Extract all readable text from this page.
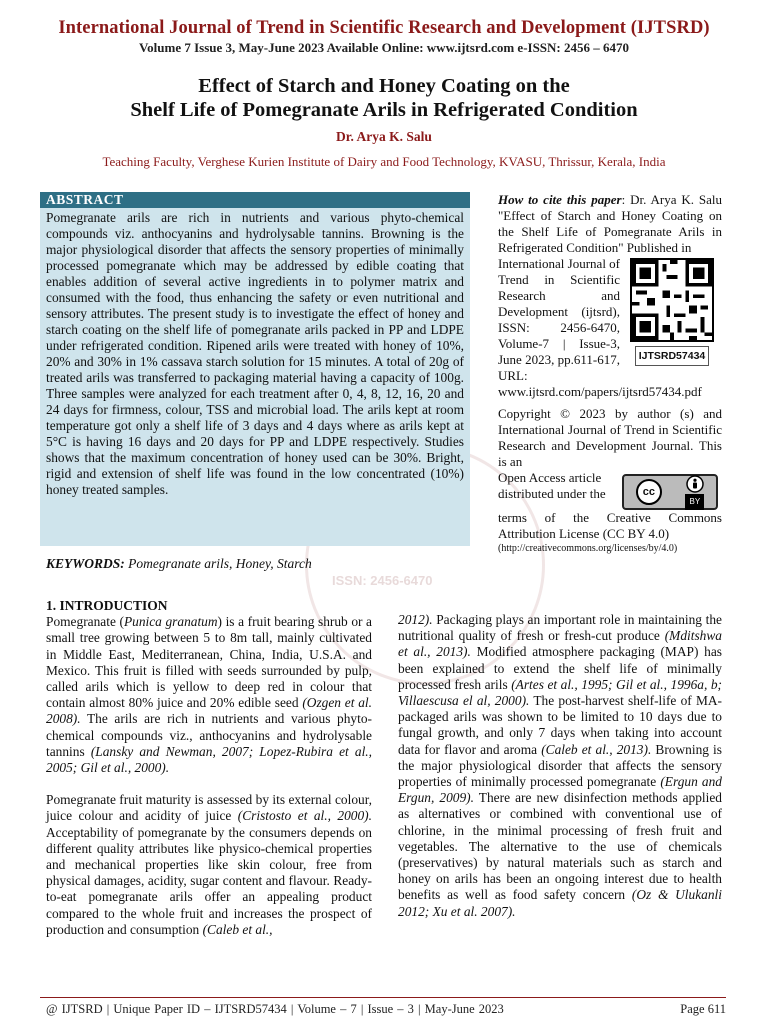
International Journal of Trend in Scientific Research and Development (IJTSRD)
Volume 7 Issue 3, May-June 2023 Available Online: www.ijtsrd.com e-ISSN: 2456 – 6470
Effect of Starch and Honey Coating on the
Shelf Life of Pomegranate Arils in Refrigerated Condition
Dr. Arya K. Salu
Teaching Faculty, Verghese Kurien Institute of Dairy and Food Technology, KVASU, Thrissur, Kerala, India
ISSN: 2456-6470
ABSTRACT
Pomegranate arils are rich in nutrients and various phyto-chemical compounds viz. anthocyanins and hydrolysable tannins. Browning is the major physiological disorder that affects the sensory properties of minimally processed pomegranate which may be addressed by edible coating that enables addition of several active ingredients in to polymer matrix and consumed with the food, thus enhancing the safety or even nutritional and sensory attributes. The present study is to investigate the effect of honey and starch coating on the shelf life of pomegranate arils packed in PP and LDPE under refrigerated condition. Ripened arils were treated with honey of 10%, 20% and 30% in 1% cassava starch solution for 15 minutes. A total of 20g of treated arils was transferred to packaging material having a capacity of 100g. Three samples were analyzed for each treatment after 0, 4, 8, 12, 16, 20 and 24 days for firmness, colour, TSS and microbial load. The arils kept at room temperature got only a shelf life of 3 days and 4 days where as arils kept at 5°C is having 16 days and 20 days for PP and LDPE respectively. Studies shows that the maximum concentration of honey used can be 30%. Bright, rigid and extension of shelf life was found in the low concentrated (10%) honey treated samples.
How to cite this paper: Dr. Arya K. Salu "Effect of Starch and Honey Coating on the Shelf Life of Pomegranate Arils in Refrigerated Condition" Published in
International Journal of Trend in Scientific Research and Development (ijtsrd), ISSN: 2456-6470, Volume-7 | Issue-3, June 2023, pp.611-617, URL:
IJTSRD57434
www.ijtsrd.com/papers/ijtsrd57434.pdf
Copyright © 2023 by author (s) and International Journal of Trend in Scientific Research and Development Journal. This is an
Open Access article distributed under the	cc
BY
terms of the Creative Commons Attribution License (CC BY 4.0)
(http://creativecommons.org/licenses/by/4.0)
KEYWORDS: Pomegranate arils, Honey, Starch
1. INTRODUCTION

Pomegranate (Punica granatum) is a fruit bearing shrub or a small tree growing between 5 to 8m tall, mainly cultivated in Middle East, Mediterranean, China, India, U.S.A. and Mexico. This fruit is filled with seeds surrounded by pulp, called arils which is yellow to deep red in colour that contain almost 80% juice and 20% edible seed (Ozgen et al. 2008). The arils are rich in nutrients and various phyto-chemical compounds viz., anthocyanins and hydrolysable tannins (Lansky and Newman, 2007; Lopez-Rubira et al., 2005; Gil et al., 2000).

Pomegranate fruit maturity is assessed by its external colour, juice colour and acidity of juice (Cristosto et al., 2000). Acceptability of pomegranate by the consumers depends on different quality attributes like physico-chemical properties and mechanical properties like skin colour, free from physical damages, acidity, sugar content and flavour. Ready-to-eat pomegranate arils offer an appealing product compared to the whole fruit and increases the prospect of production and consumption (Caleb et al.,

2012). Packaging plays an important role in maintaining the nutritional quality of fresh or fresh-cut produce (Mditshwa et al., 2013). Modified atmosphere packaging (MAP) has been explained to extend the shelf life of minimally processed fresh arils (Artes et al., 1995; Gil et al., 1996a, b; Villaescusa el al, 2000). The post-harvest shelf-life of MA-packaged arils was shown to be limited to 10 days due to fungal growth, and only 7 days when taking into account data for flavor and aroma (Caleb et al., 2013). Browning is the major physiological disorder that affects the sensory properties of minimally processed pomegranate (Ergun and Ergun, 2009). There are new disinfection methods applied as alternatives or combined with conventional use of chlorine, in the minimal processing of fresh fruit and vegetables. The alternative to the use of chemicals (preservatives) by natural materials such as starch and honey on arils has been an ongoing interest due to health benefits as well as food safety concern (Oz & Ulukanli 2012; Xu et al. 2007).

@ IJTSRD | Unique Paper ID – IJTSRD57434 | Volume – 7 | Issue – 3 | May-June 2023	Page 611
